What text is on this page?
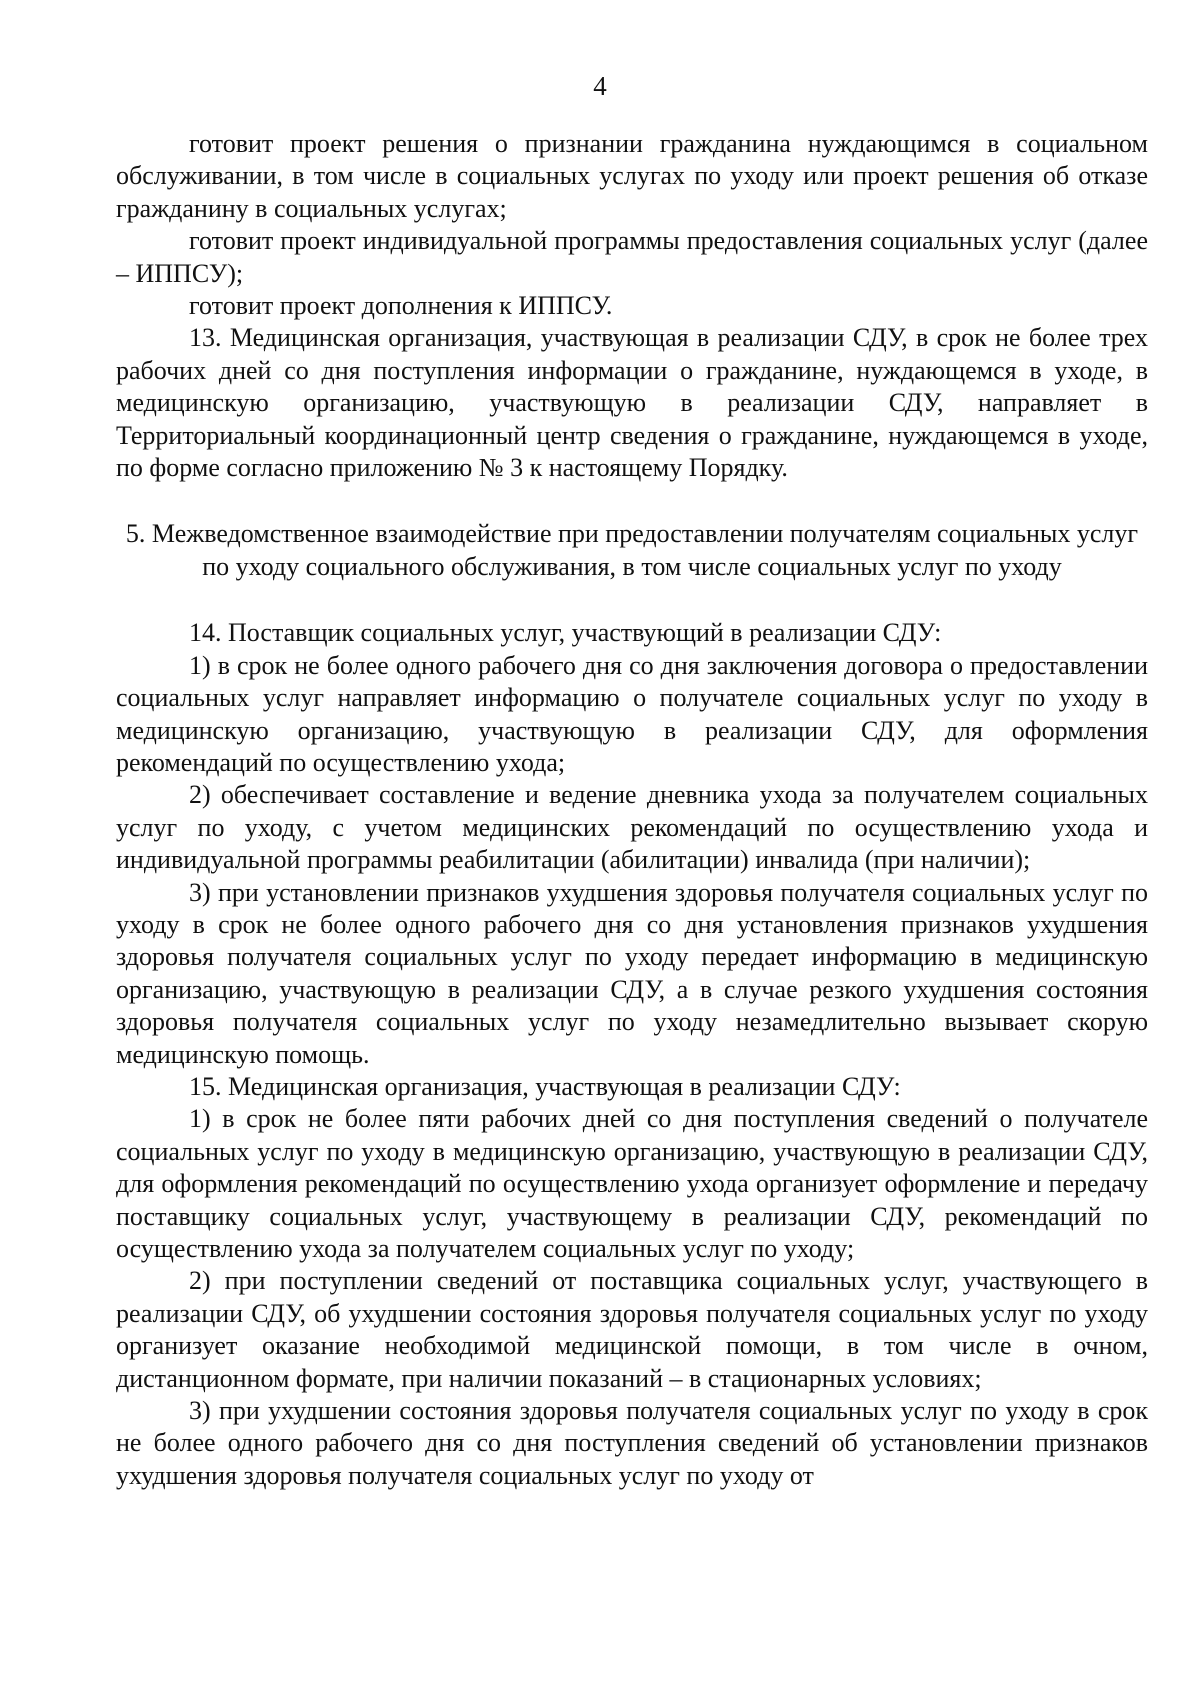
4

готовит проект решения о признании гражданина нуждающимся в социальном обслуживании, в том числе в социальных услугах по уходу или проект решения об отказе гражданину в социальных услугах;

готовит проект индивидуальной программы предоставления социальных услуг (далее – ИППСУ);

готовит проект дополнения к ИППСУ.

13. Медицинская организация, участвующая в реализации СДУ, в срок не более трех рабочих дней со дня поступления информации о гражданине, нуждающемся в уходе, в медицинскую организацию, участвующую в реализации СДУ, направляет в Территориальный координационный центр сведения о гражданине, нуждающемся в уходе, по форме согласно приложению № 3 к настоящему Порядку.

5. Межведомственное взаимодействие при предоставлении получателям социальных услуг по уходу социального обслуживания, в том числе социальных услуг по уходу

14. Поставщик социальных услуг, участвующий в реализации СДУ:

1) в срок не более одного рабочего дня со дня заключения договора о предоставлении социальных услуг направляет информацию о получателе социальных услуг по уходу в медицинскую организацию, участвующую в реализации СДУ, для оформления рекомендаций по осуществлению ухода;

2) обеспечивает составление и ведение дневника ухода за получателем социальных услуг по уходу, с учетом медицинских рекомендаций по осуществлению ухода и индивидуальной программы реабилитации (абилитации) инвалида (при наличии);

3) при установлении признаков ухудшения здоровья получателя социальных услуг по уходу в срок не более одного рабочего дня со дня установления признаков ухудшения здоровья получателя социальных услуг по уходу передает информацию в медицинскую организацию, участвующую в реализации СДУ, а в случае резкого ухудшения состояния здоровья получателя социальных услуг по уходу незамедлительно вызывает скорую медицинскую помощь.

15. Медицинская организация, участвующая в реализации СДУ:

1) в срок не более пяти рабочих дней со дня поступления сведений о получателе социальных услуг по уходу в медицинскую организацию, участвующую в реализации СДУ, для оформления рекомендаций по осуществлению ухода организует оформление и передачу поставщику социальных услуг, участвующему в реализации СДУ, рекомендаций по осуществлению ухода за получателем социальных услуг по уходу;

2) при поступлении сведений от поставщика социальных услуг, участвующего в реализации СДУ, об ухудшении состояния здоровья получателя социальных услуг по уходу организует оказание необходимой медицинской помощи, в том числе в очном, дистанционном формате, при наличии показаний – в стационарных условиях;

3) при ухудшении состояния здоровья получателя социальных услуг по уходу в срок не более одного рабочего дня со дня поступления сведений об установлении признаков ухудшения здоровья получателя социальных услуг по уходу от
